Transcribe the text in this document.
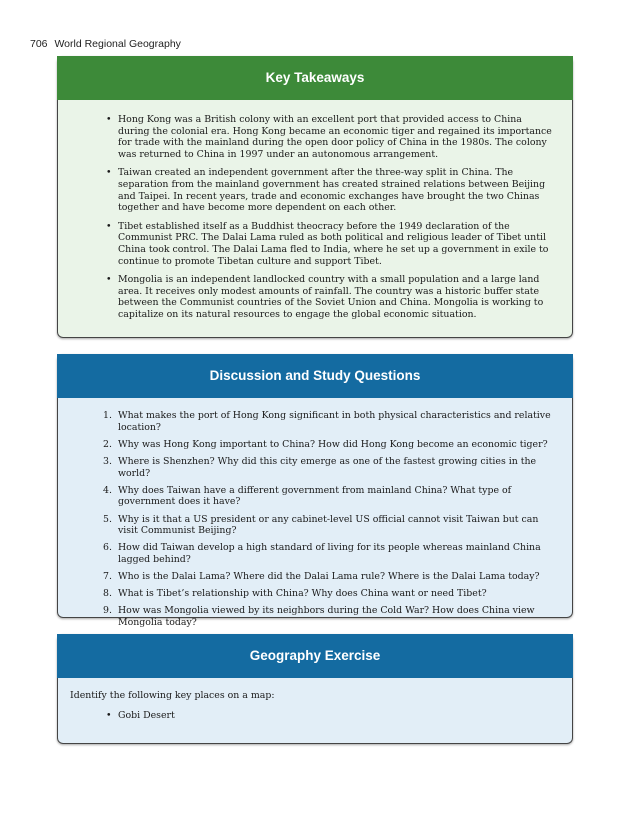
706 World Regional Geography
Key Takeaways
• Hong Kong was a British colony with an excellent port that provided access to China during the colonial era. Hong Kong became an economic tiger and regained its importance for trade with the mainland during the open door policy of China in the 1980s. The colony was returned to China in 1997 under an autonomous arrangement.
• Taiwan created an independent government after the three-way split in China. The separation from the mainland government has created strained relations between Beijing and Taipei. In recent years, trade and economic exchanges have brought the two Chinas together and have become more dependent on each other.
• Tibet established itself as a Buddhist theocracy before the 1949 declaration of the Communist PRC. The Dalai Lama ruled as both political and religious leader of Tibet until China took control. The Dalai Lama fled to India, where he set up a government in exile to continue to promote Tibetan culture and support Tibet.
• Mongolia is an independent landlocked country with a small population and a large land area. It receives only modest amounts of rainfall. The country was a historic buffer state between the Communist countries of the Soviet Union and China. Mongolia is working to capitalize on its natural resources to engage the global economic situation.
Discussion and Study Questions
1. What makes the port of Hong Kong significant in both physical characteristics and relative location?
2. Why was Hong Kong important to China? How did Hong Kong become an economic tiger?
3. Where is Shenzhen? Why did this city emerge as one of the fastest growing cities in the world?
4. Why does Taiwan have a different government from mainland China? What type of government does it have?
5. Why is it that a US president or any cabinet-level US official cannot visit Taiwan but can visit Communist Beijing?
6. How did Taiwan develop a high standard of living for its people whereas mainland China lagged behind?
7. Who is the Dalai Lama? Where did the Dalai Lama rule? Where is the Dalai Lama today?
8. What is Tibet’s relationship with China? Why does China want or need Tibet?
9. How was Mongolia viewed by its neighbors during the Cold War? How does China view Mongolia today?
Geography Exercise

Identify the following key places on a map:

• Gobi Desert
